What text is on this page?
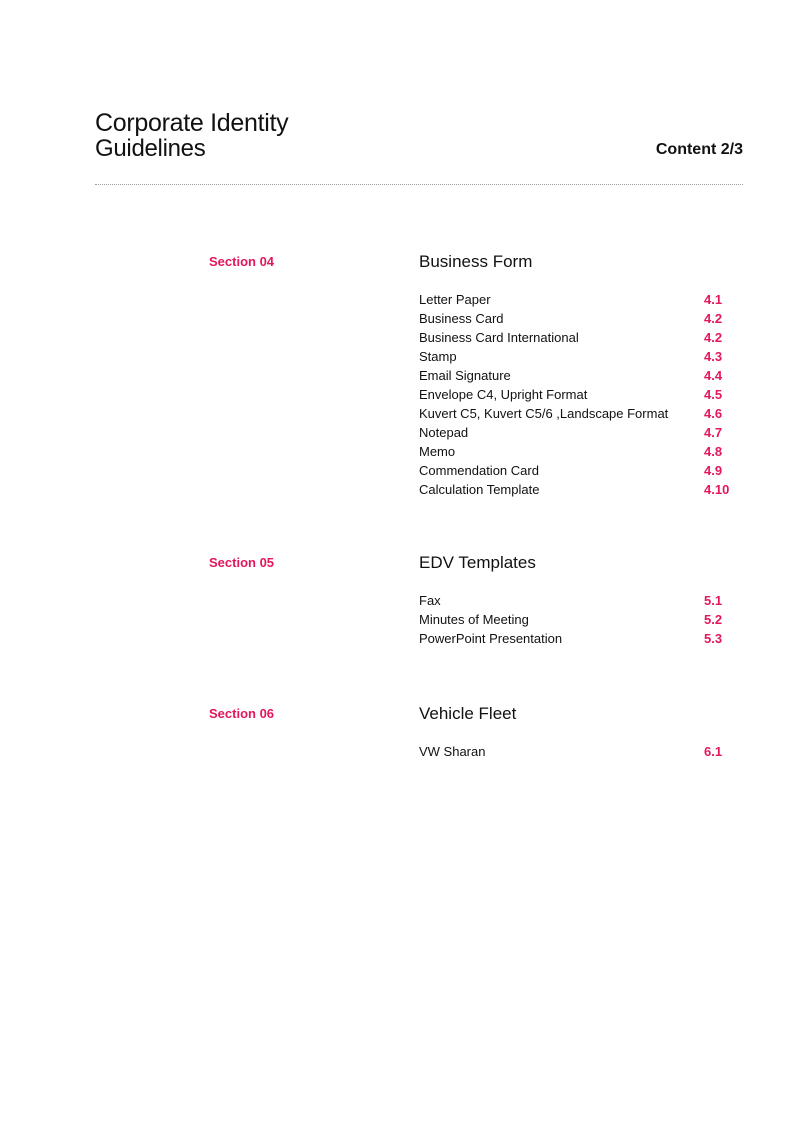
Corporate Identity
Guidelines	Content 2/3
Section 04	Business Form
Letter Paper	4.1
Business Card	4.2
Business Card International	4.2
Stamp	4.3
Email Signature	4.4
Envelope C4, Upright Format	4.5
Kuvert C5, Kuvert C5/6 ,Landscape Format	4.6
Notepad	4.7
Memo	4.8
Commendation Card	4.9
Calculation Template	4.10
Section 05	EDV Templates
Fax	5.1
Minutes of Meeting	5.2
PowerPoint Presentation	5.3
Section 06	Vehicle Fleet
VW Sharan	6.1
